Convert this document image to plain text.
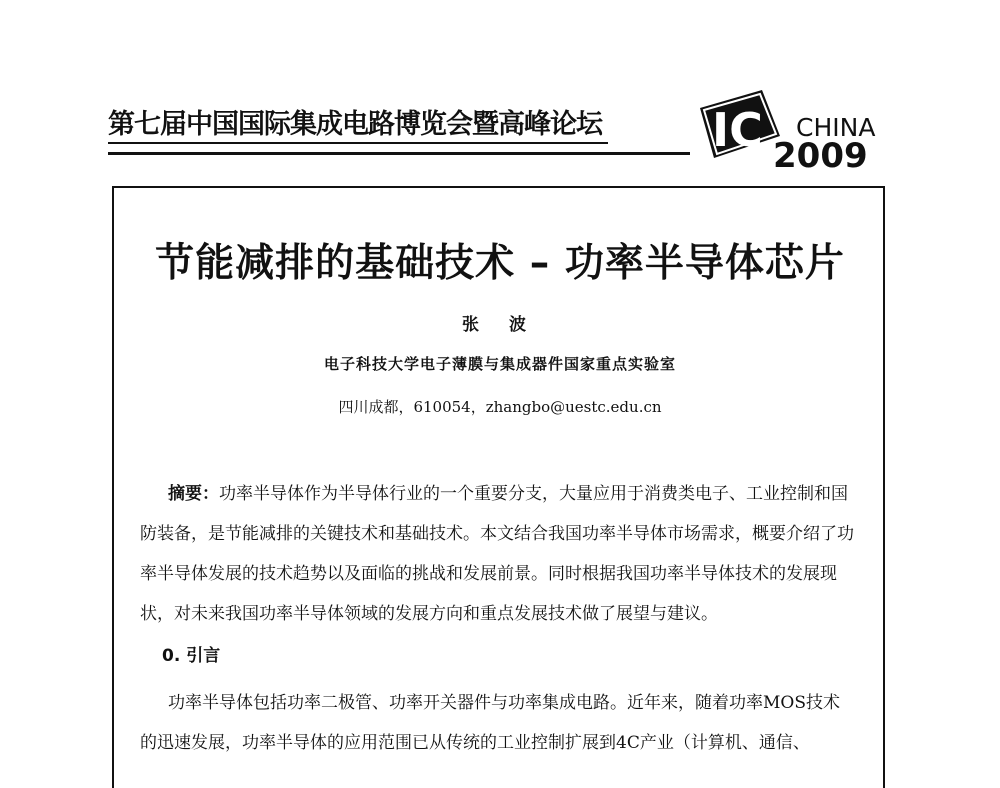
第七届中国国际集成电路博览会暨高峰论坛 IC CHINA
2009
节能减排的基础技术 – 功率半导体芯片
张 波
电子科技大学电子薄膜与集成器件国家重点实验室
四川成都，610054，zhangbo@uestc.edu.cn
摘要：功率半导体作为半导体行业的一个重要分支，大量应用于消费类电子、工业控制和国防装备，是节能减排的关键技术和基础技术。本文结合我国功率半导体市场需求，概要介绍了功率半导体发展的技术趋势以及面临的挑战和发展前景。同时根据我国功率半导体技术的发展现状，对未来我国功率半导体领域的发展方向和重点发展技术做了展望与建议。
0. 引言
功率半导体包括功率二极管、功率开关器件与功率集成电路。近年来，随着功率MOS技术的迅速发展，功率半导体的应用范围已从传统的工业控制扩展到4C产业（计算机、通信、
